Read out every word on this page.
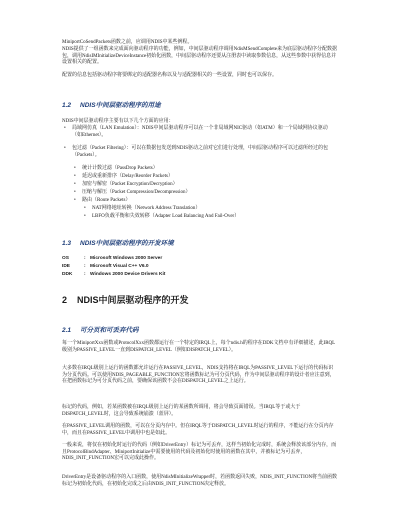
MiniportCoSendPackets函数之前，应调用NDIS中某些例程。

NDIS提供了一组函数来完成面向驱动程序的功能，例如，中间层驱动程序调用NdisMSendComplete来为底层驱动程序分配数据包，调用NdisIMInitializeDeviceInstance初始化函数，中间层驱动程序还要从注册表中读取参数信息，从这些参数中获得信息并设置相关的配置。

配置的信息包括驱动程序将要绑定的适配器名称以及与适配器相关的一些设置，同时也可以保存。

1.2 NDIS中间层驱动程序的用途

NDIS中间层驱动程序主要有以下几个方面的应用：

• 局域网仿真（LAN Emulation）：NDIS中间层驱动程序可以在一个非局域网NIC驱动（如ATM）和一个局域网协议驱动（如Ethernet）。

• 包过滤（Packet Filtering）：可以在数据包发送到NDIS驱动之前对它们进行处理，中间层驱动程序可以过滤所经过的包（Packets）。

• 统计计数过滤（PassDrop Packets）

• 延迟或重新排序（Delay/Reorder Packets）

• 加密与解密（Packet Encryption/Decryption）

• 压缩与解压（Packet Compression/Decompression）

• 路由（Route Packets）

• NAT网络地址转换（Network Address Translation）

• LBFO负载平衡和失效转移（Adapter Load Balancing And Fail-Over）

1.3 NDIS中间层驱动程序的开发环境
OS	: Microsoft Windows 2000 Server
IDE	: Microsoft Visual C++ V6.0
DDK : Windows 2000 Device Drivers Kit
2 NDIS中间层驱动程序的开发
2.1 可分页和可丢弃代码

每一个MiniportXxx函数或ProtocolXxx函数都运行在一个特定的IRQL上，每个ndis.h的程序在DDK文档中有详细描述，此IRQL级别为PASSIVE_LEVEL一直到DISPATCH_LEVEL（例如DISPATCH_LEVEL）。

大多数在IRQL级别上运行的函数都允许运行在PASSIVE_LEVEL，NDIS支持将在IRQL为PASSIVE_LEVEL下运行的代码标识为分页代码。可以使用NDIS_PAGEABLE_FUNCTION宏将函数标记为可分页代码，作为中间层驱动程序的设计者应注意到，在把函数标记为可分页代码之前，要确保该函数不会在DISPATCH_LEVEL之上运行。

标记的代码，例如，若某函数被在IRQL级别上运行的某函数所调用，将会导致页面错误。当IRQL等于或大于DISPATCH_LEVEL时，这会导致系统崩溃（蓝屏）。

在PASSIVE_LEVEL调用的函数，可以在分页内存中。但在IRQL等于DISPATCH_LEVEL时运行的程序，不能运行在分页内存中，而且在PASSIVE_LEVEL中调用中也是如此。

一般来说，将仅在初始化时运行的代码（例如DriverEntry）标记为可丢弃，这样当初始化完成时，系统会释放该部分内存，而且ProtocolBindAdapter、MiniportInitialize中需要使用的代码及初始化时使用的函数在其中，并被标记为可丢弃，NDIS_INIT_FUNCTION宏可以完成此操作。

DriverEntry是设备驱动程序的入口函数，使用NdisMInitializeWrapper时，若函数返回失败，NDIS_INIT_FUNCTION将当前函数标记为初始化代码，在初始化完成之后由NDIS_INIT_FUNCTION决定释放。
